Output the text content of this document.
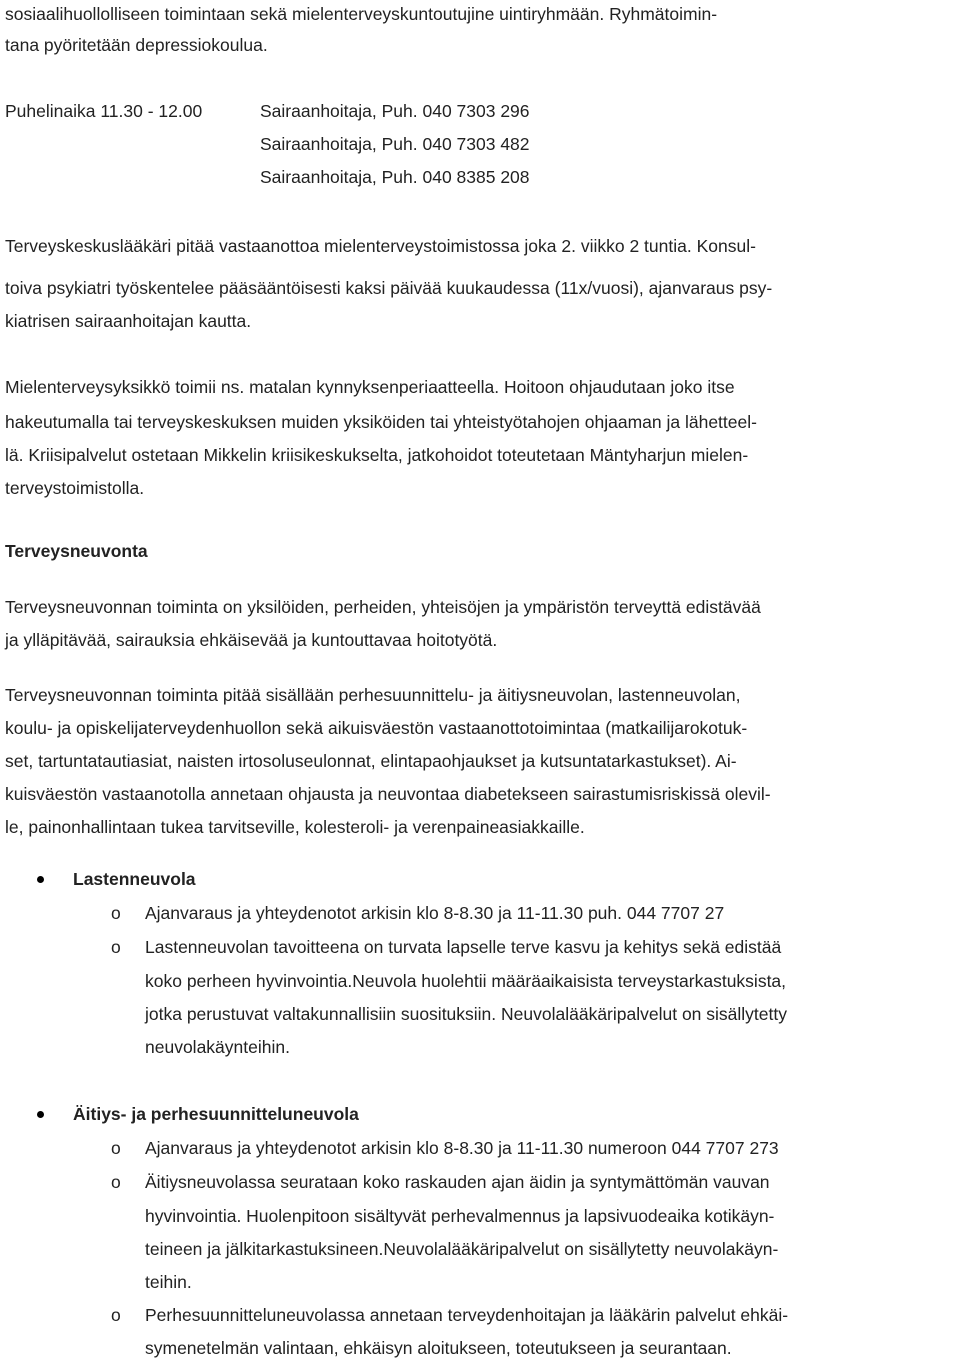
sosiaalihuollolliseen toimintaan sekä mielenterveyskuntoutujine uintiryhmään. Ryhmätoimin-
tana pyöritetään depressiokoulua.
Puhelinaika 11.30 - 12.00	Sairaanhoitaja, Puh. 040 7303 296
Sairaanhoitaja, Puh. 040 7303 482
Sairaanhoitaja, Puh. 040 8385 208
Terveyskeskuslääkäri pitää vastaanottoa mielenterveystoimistossa joka 2. viikko 2 tuntia. Konsul-
toiva psykiatri työskentelee pääsääntöisesti kaksi päivää kuukaudessa (11x/vuosi), ajanvaraus psy-
kiatrisen sairaanhoitajan kautta.
Mielenterveysyksikkö toimii ns. matalan kynnyksenperiaatteella. Hoitoon ohjaudutaan joko itse
hakeutumalla tai terveyskeskuksen muiden yksiköiden tai yhteistyötahojen ohjaaman ja lähetteel-
lä. Kriisipalvelut ostetaan Mikkelin kriisikeskukselta, jatkohoidot toteutetaan Mäntyharjun mielen-
terveystoimistolla.
Terveysneuvonta
Terveysneuvonnan toiminta on yksilöiden, perheiden, yhteisöjen ja ympäristön terveyttä edistävää
ja ylläpitävää, sairauksia ehkäisevää ja kuntouttavaa hoitotyötä.
Terveysneuvonnan toiminta pitää sisällään perhesuunnittelu- ja äitiysneuvolan, lastenneuvolan,
koulu- ja opiskelijaterveydenhuollon sekä aikuisväestön vastaanottotoimintaa (matkailijarokotuk-
set, tartuntatautiasiat, naisten irtosoluseulonnat, elintapaohjaukset ja kutsuntatarkastukset). Ai-
kuisväestön vastaanotolla annetaan ohjausta ja neuvontaa diabetekseen sairastumisriskissä olevil-
le, painonhallintaan tukea tarvitseville, kolesteroli- ja verenpaineasiakkaille.
Lastenneuvola
o Ajanvaraus ja yhteydenotot arkisin klo 8-8.30 ja 11-11.30 puh. 044 7707 27
o Lastenneuvolan tavoitteena on turvata lapselle terve kasvu ja kehitys sekä edistää
koko perheen hyvinvointia.Neuvola huolehtii määräaikaisista terveystarkastuksista,
jotka perustuvat valtakunnallisiin suosituksiin. Neuvolalääkäripalvelut on sisällytetty
neuvolakäynteihin.
Äitiys- ja perhesuunnitteluneuvola
o Ajanvaraus ja yhteydenotot arkisin klo 8-8.30 ja 11-11.30 numeroon 044 7707 273
o Äitiysneuvolassa seurataan koko raskauden ajan äidin ja syntymättömän vauvan
hyvinvointia. Huolenpitoon sisältyvät perhevalmennus ja lapsivuodeaika kotikäyn-
teineen ja jälkitarkastuksineen.Neuvolalääkäripalvelut on sisällytetty neuvolakäyn-
teihin.
o Perhesuunnitteluneuvolassa annetaan terveydenhoitajan ja lääkärin palvelut ehkäi-
symenetelmän valintaan, ehkäisyn aloitukseen, toteutukseen ja seurantaan.
